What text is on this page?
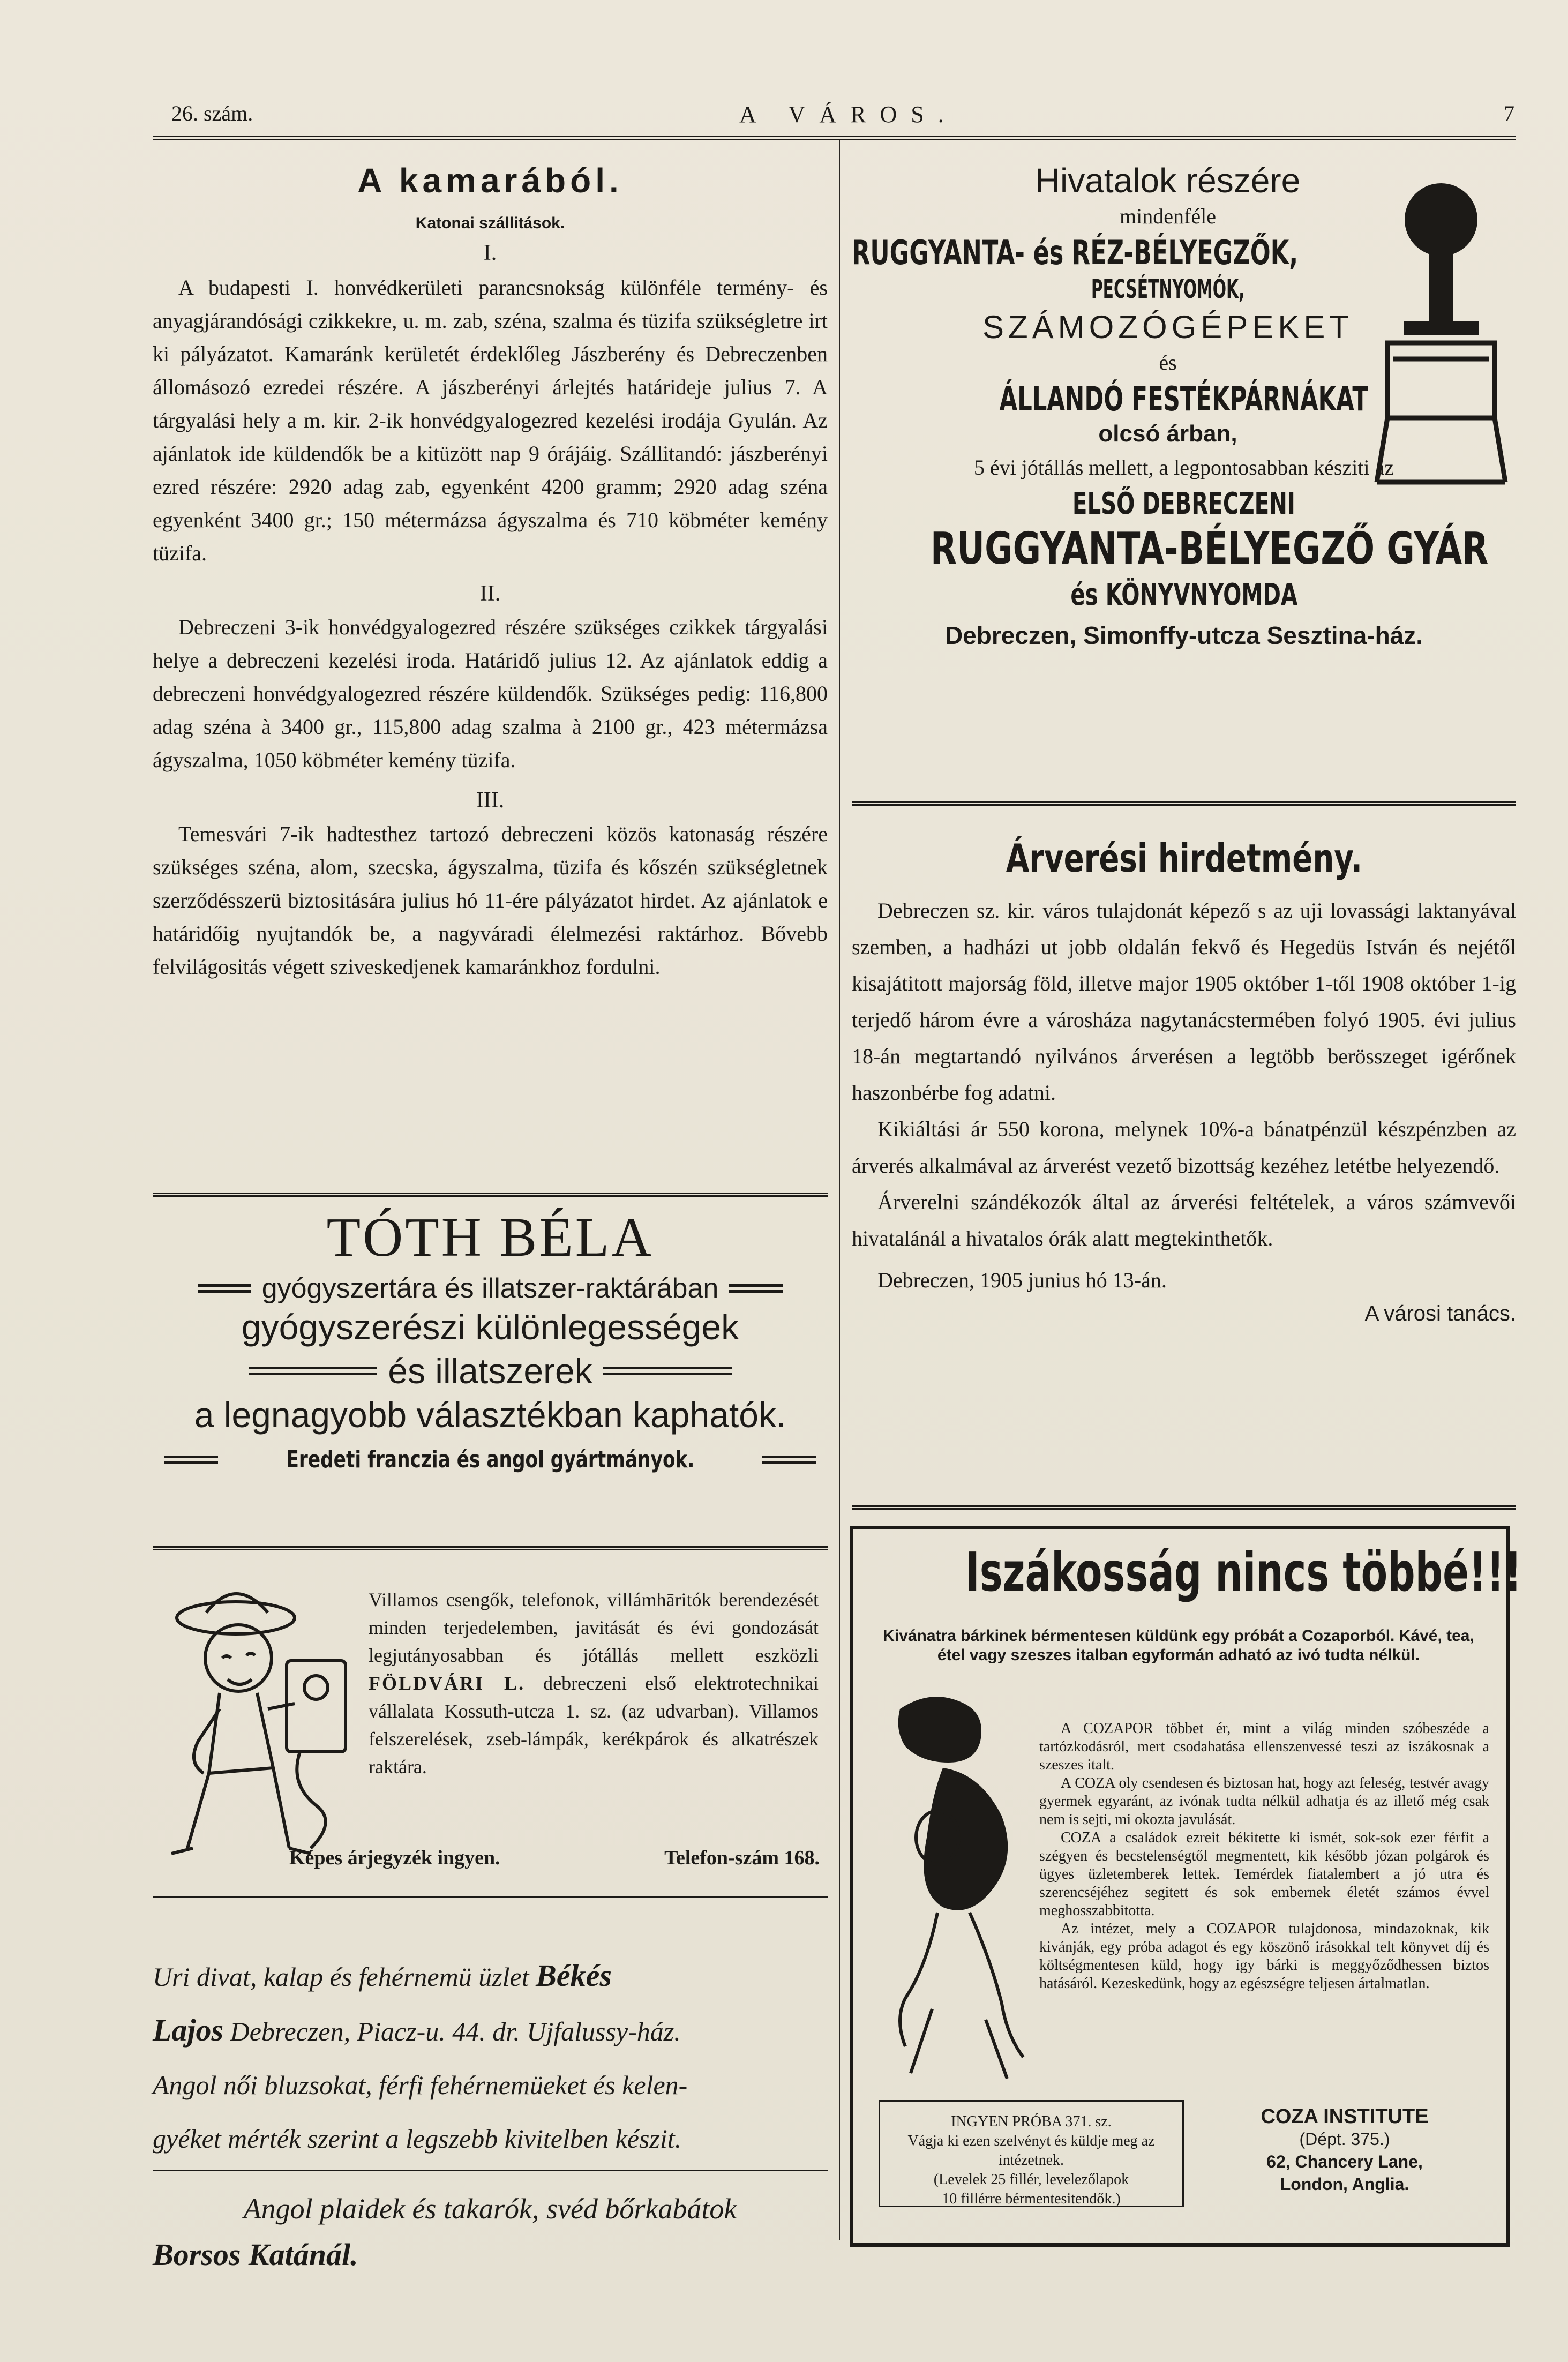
26. szám.	A VÁROS.	7
A kamarából.
Katonai szállitások.
I.

A budapesti I. honvédkerületi parancsnokság különféle termény- és anyagjárandósági czikkekre, u. m. zab, széna, szalma és tüzifa szükségletre irt ki pályázatot. Kamaránk kerületét érdeklőleg Jászberény és Debreczenben állomásozó ezredei részére. A jászberényi árlejtés határideje julius 7. A tárgyalási hely a m. kir. 2-ik honvédgyalogezred kezelési irodája Gyulán. Az ajánlatok ide küldendők be a kitüzött nap 9 órájáig. Szállitandó: jászberényi ezred részére: 2920 adag zab, egyenként 4200 gramm; 2920 adag széna egyenként 3400 gr.; 150 métermázsa ágyszalma és 710 köbméter kemény tüzifa.

II.

Debreczeni 3-ik honvédgyalogezred részére szükséges czikkek tárgyalási helye a debreczeni kezelési iroda. Határidő julius 12. Az ajánlatok eddig a debreczeni honvédgyalogezred részére küldendők. Szükséges pedig: 116,800 adag széna à 3400 gr., 115,800 adag szalma à 2100 gr., 423 métermázsa ágyszalma, 1050 köbméter kemény tüzifa.

III.

Temesvári 7-ik hadtesthez tartozó debreczeni közös katonaság részére szükséges széna, alom, szecska, ágyszalma, tüzifa és kőszén szükségletnek szerződésszerü biztositására julius hó 11-ére pályázatot hirdet. Az ajánlatok e határidőig nyujtandók be, a nagyváradi élelmezési raktárhoz. Bővebb felvilágositás végett sziveskedjenek kamaránkhoz fordulni.

TÓTH BÉLA
gyógyszertára és illatszer-raktárában
gyógyszerészi különlegességek
és illatszerek
a legnagyobb választékban kaphatók.
Eredeti franczia és angol gyártmányok.
Villamos csengők, telefonok, villámhāritók berendezését minden terjedelemben, javitását és évi gondozását legjutányosabban és jótállás mellett eszközli FÖLDVÁRI L. debreczeni első elektrotechnikai vállalata Kossuth-utcza 1. sz. (az udvarban). Villamos felszerelések, zseb-lámpák, kerékpárok és alkatrészek raktára.
Képes árjegyzék ingyen.	Telefon-szám 168.
Uri divat, kalap és fehérnemü üzlet Békés
Lajos Debreczen, Piacz-u. 44. dr. Ujfalussy-ház.
Angol női bluzsokat, férfi fehérnemüeket és kelen-
gyéket mérték szerint a legszebb kivitelben készit.
Angol plaidek és takarók, svéd bőrkabátok
Borsos Katánál.
Hivatalok részére
mindenféle
RUGGYANTA- és RÉZ-BÉLYEGZŐK,
PECSÉTNYOMÓK,
SZÁMOZÓGÉPEKET
és
ÁLLANDÓ FESTÉKPÁRNÁKAT
olcsó árban,
5 évi jótállás mellett, a legpontosabban késziti az
ELSŐ DEBRECZENI
RUGGYANTA-BÉLYEGZŐ GYÁR
és KÖNYVNYOMDA
Debreczen, Simonffy-utcza Sesztina-ház.
Árverési hirdetmény.

Debreczen sz. kir. város tulajdonát képező s az uji lovassági laktanyával szemben, a hadházi ut jobb oldalán fekvő és Hegedüs István és nejétől kisajátitott majorság föld, illetve major 1905 október 1-től 1908 október 1-ig terjedő három évre a városháza nagytanácstermében folyó 1905. évi julius 18-án megtartandó nyilvános árverésen a legtöbb berösszeget igérőnek haszonbérbe fog adatni.

Kikiáltási ár 550 korona, melynek 10%-a bánatpénzül készpénzben az árverés alkalmával az árverést vezető bizottság kezéhez letétbe helyezendő.

Árverelni szándékozók által az árverési feltételek, a város számvevői hivatalánál a hivatalos órák alatt megtekinthetők.

Debreczen, 1905 junius hó 13-án.

A városi tanács.
Iszákosság nincs többé!!!
Kivánatra bárkinek bérmentesen küldünk egy próbát a Cozaporból. Kávé, tea, étel vagy szeszes italban egyformán adható az ivó tudta nélkül.

A COZAPOR többet ér, mint a világ minden szóbeszéde a tartózkodásról, mert csodahatása ellenszenvessé teszi az iszákosnak a szeszes italt.

A COZA oly csendesen és biztosan hat, hogy azt feleség, testvér avagy gyermek egyaránt, az ivónak tudta nélkül adhatja és az illető még csak nem is sejti, mi okozta javulását.

COZA a családok ezreit békitette ki ismét, sok-sok ezer férfit a szégyen és becstelenségtől megmentett, kik később józan polgárok és ügyes üzletemberek lettek. Temérdek fiatalembert a jó utra és szerencséjéhez segitett és sok embernek életét számos évvel meghosszabbitotta.

Az intézet, mely a COZAPOR tulajdonosa, mindazoknak, kik kivánják, egy próba adagot és egy köszönő irásokkal telt könyvet díj és költségmentesen küld, hogy igy bárki is meggyőződhessen biztos hatásáról. Kezeskedünk, hogy az egészségre teljesen ártalmatlan.

INGYEN PRÓBA 371. sz.
Vágja ki ezen szelvényt és küldje meg az intézetnek.
(Levelek 25 fillér, levelezőlapok
10 fillérre bérmentesitendők.)
COZA INSTITUTE
(Dépt. 375.)
62, Chancery Lane,
London, Anglia.
